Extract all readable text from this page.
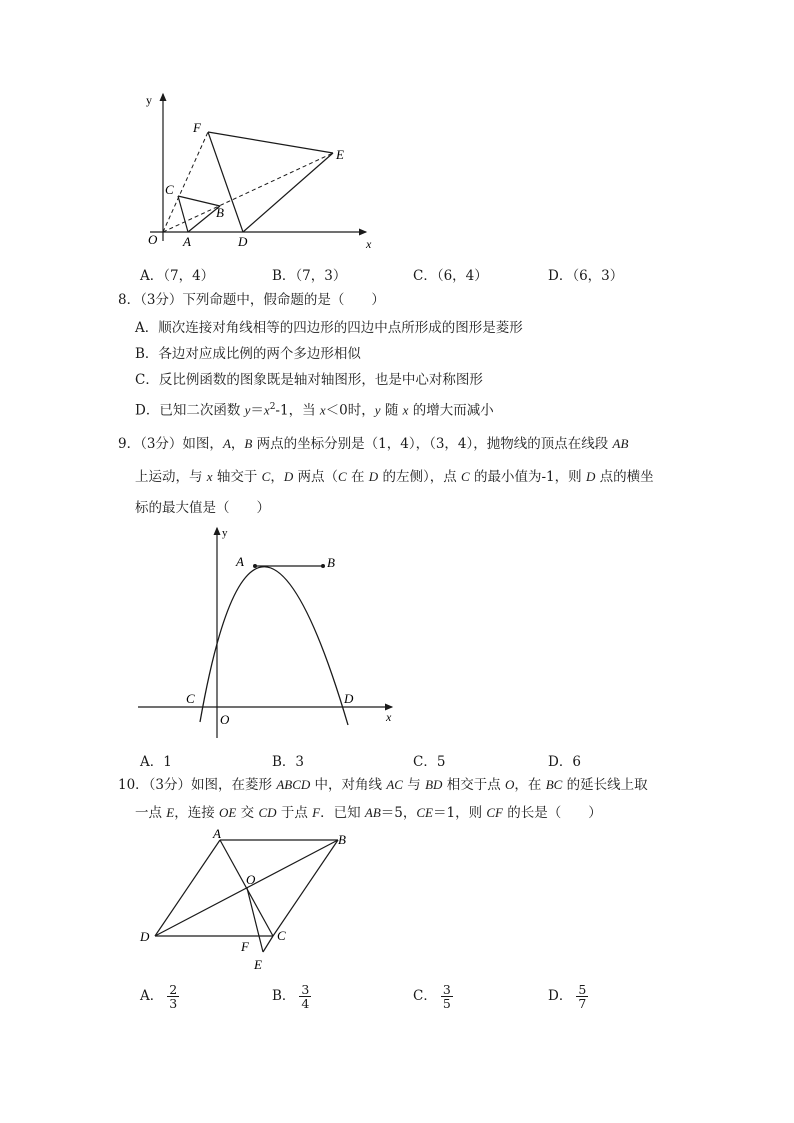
y
x
F
E
C
B
O A	D
A．（7，4）	B．（7，3）	C．（6，4）	D．（6，3）
8．（3分）下列命题中，假命题的是（　　）
A．顺次连接对角线相等的四边形的四边中点所形成的图形是菱形
B．各边对应成比例的两个多边形相似
C．反比例函数的图象既是轴对轴图形，也是中心对称图形
D．已知二次函数 $y=x^2-1$，当 x＜0时，y 随 x 的增大而减小
9．（3分）如图，A，B 两点的坐标分别是（1，4），（3，4），抛物线的顶点在线段 AB
上运动，与 x 轴交于 C，D 两点（C 在 D 的左侧），点 C 的最小值为-1，则 D 点的横坐
标的最大值是（　　）
y
x
A	B
C	D
O
A．1	B．3	C．5	D．6
10．（3分）如图，在菱形 ABCD 中，对角线 AC 与 BD 相交于点 O，在 BC 的延长线上取
一点 E，连接 OE 交 CD 于点 F．已知 AB＝5，CE＝1，则 CF 的长是（　　）
A	B
O
D	C
F
E
A． $\frac{2}{3}$	B． $\frac{3}{4}$	C． $\frac{3}{5}$	D． $\frac{5}{7}$
